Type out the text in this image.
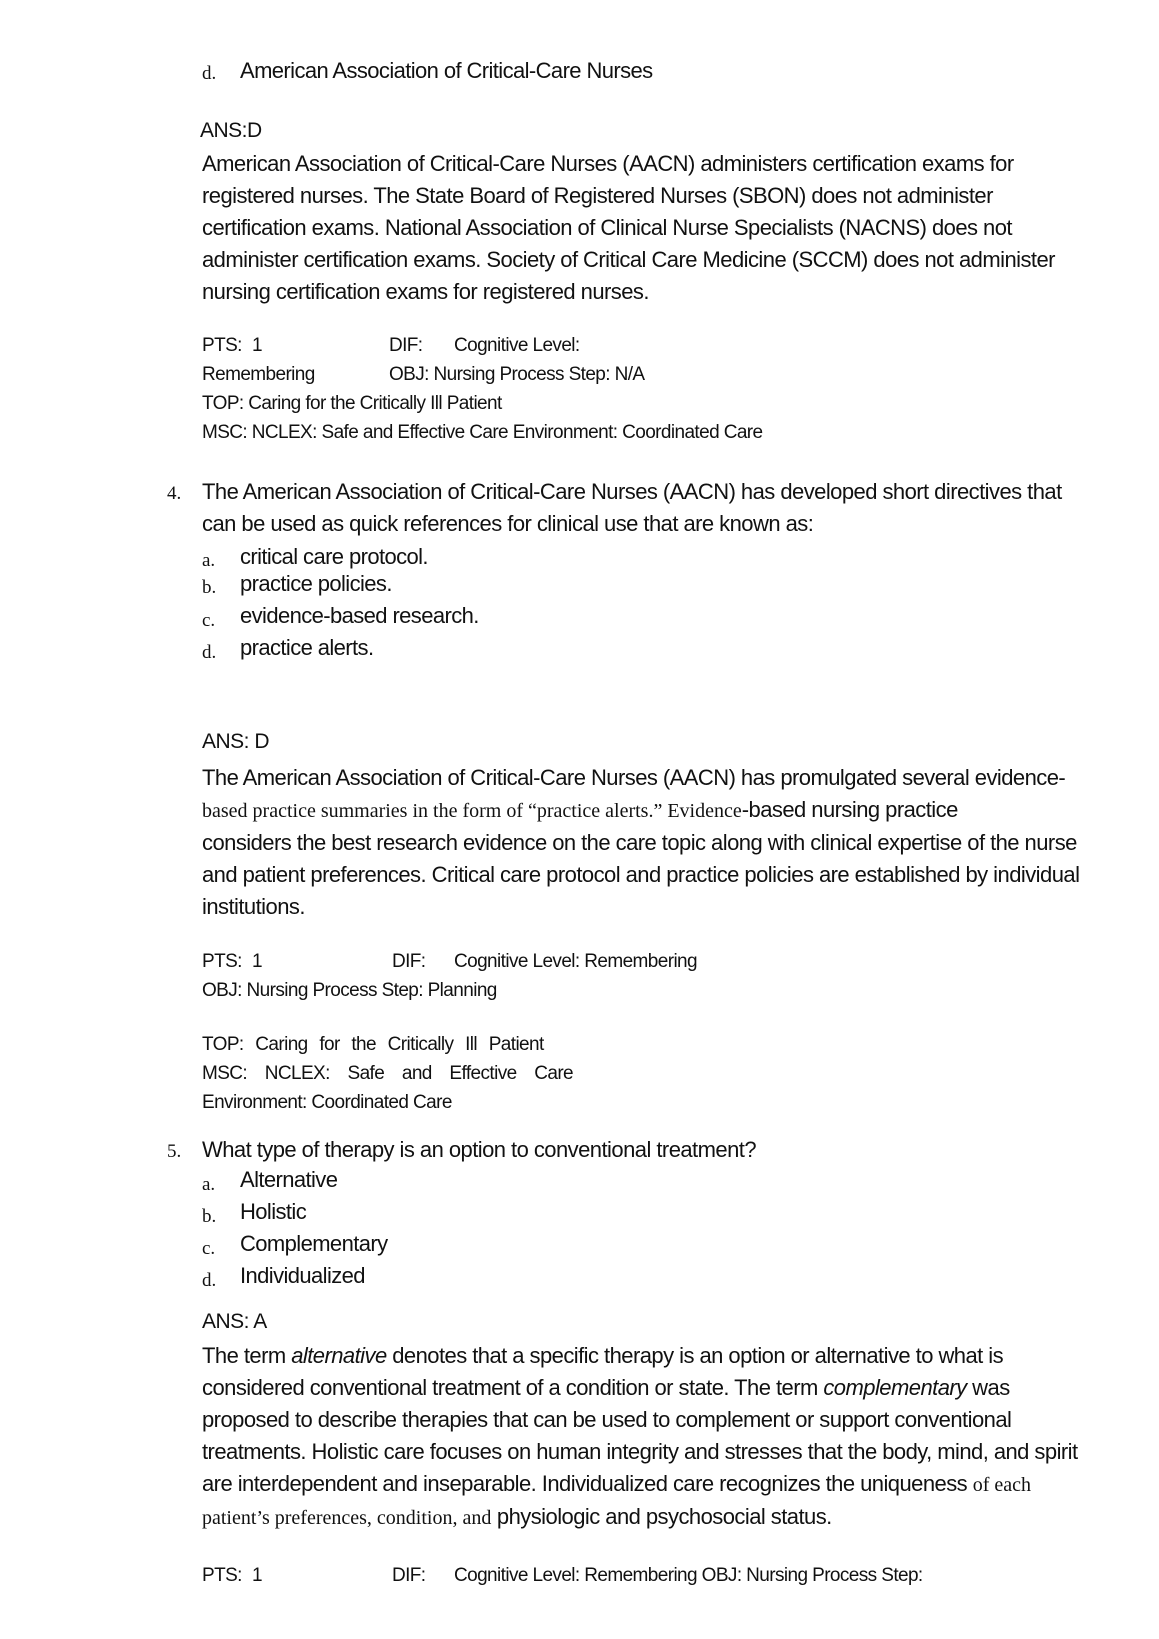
d. American Association of Critical-Care Nurses
ANS:D

American Association of Critical-Care Nurses (AACN) administers certification exams for registered nurses. The State Board of Registered Nurses (SBON) does not administer certification exams. National Association of Clinical Nurse Specialists (NACNS) does not administer certification exams. Society of Critical Care Medicine (SCCM) does not administer nursing certification exams for registered nurses.

PTS: 1	DIF: Cognitive Level:
Remembering	OBJ: Nursing Process Step: N/A
TOP: Caring for the Critically Ill Patient
MSC: NCLEX: Safe and Effective Care Environment: Coordinated Care
4. The American Association of Critical-Care Nurses (AACN) has developed short directives that can be used as quick references for clinical use that are known as:
a. critical care protocol.
b. practice policies.
c. evidence-based research.
d. practice alerts.
ANS: D

The American Association of Critical-Care Nurses (AACN) has promulgated several evidence-

based practice summaries in the form of “practice alerts.” Evidence-based nursing practice

considers the best research evidence on the care topic along with clinical expertise of the nurse and patient preferences. Critical care protocol and practice policies are established by individual institutions.

PTS: 1	DIF: Cognitive Level: Remembering
OBJ: Nursing Process Step: Planning
TOP: Caring for the Critically Ill Patient
MSC: NCLEX: Safe and Effective Care
Environment: Coordinated Care
5. What type of therapy is an option to conventional treatment?
a. Alternative
b. Holistic
c. Complementary
d. Individualized
ANS: A

The term alternative denotes that a specific therapy is an option or alternative to what is considered conventional treatment of a condition or state. The term complementary was proposed to describe therapies that can be used to complement or support conventional treatments. Holistic care focuses on human integrity and stresses that the body, mind, and spirit are interdependent and inseparable. Individualized care recognizes the uniqueness of each patient’s preferences, condition, and physiologic and psychosocial status.

PTS: 1	DIF: Cognitive Level: Remembering OBJ: Nursing Process Step:
